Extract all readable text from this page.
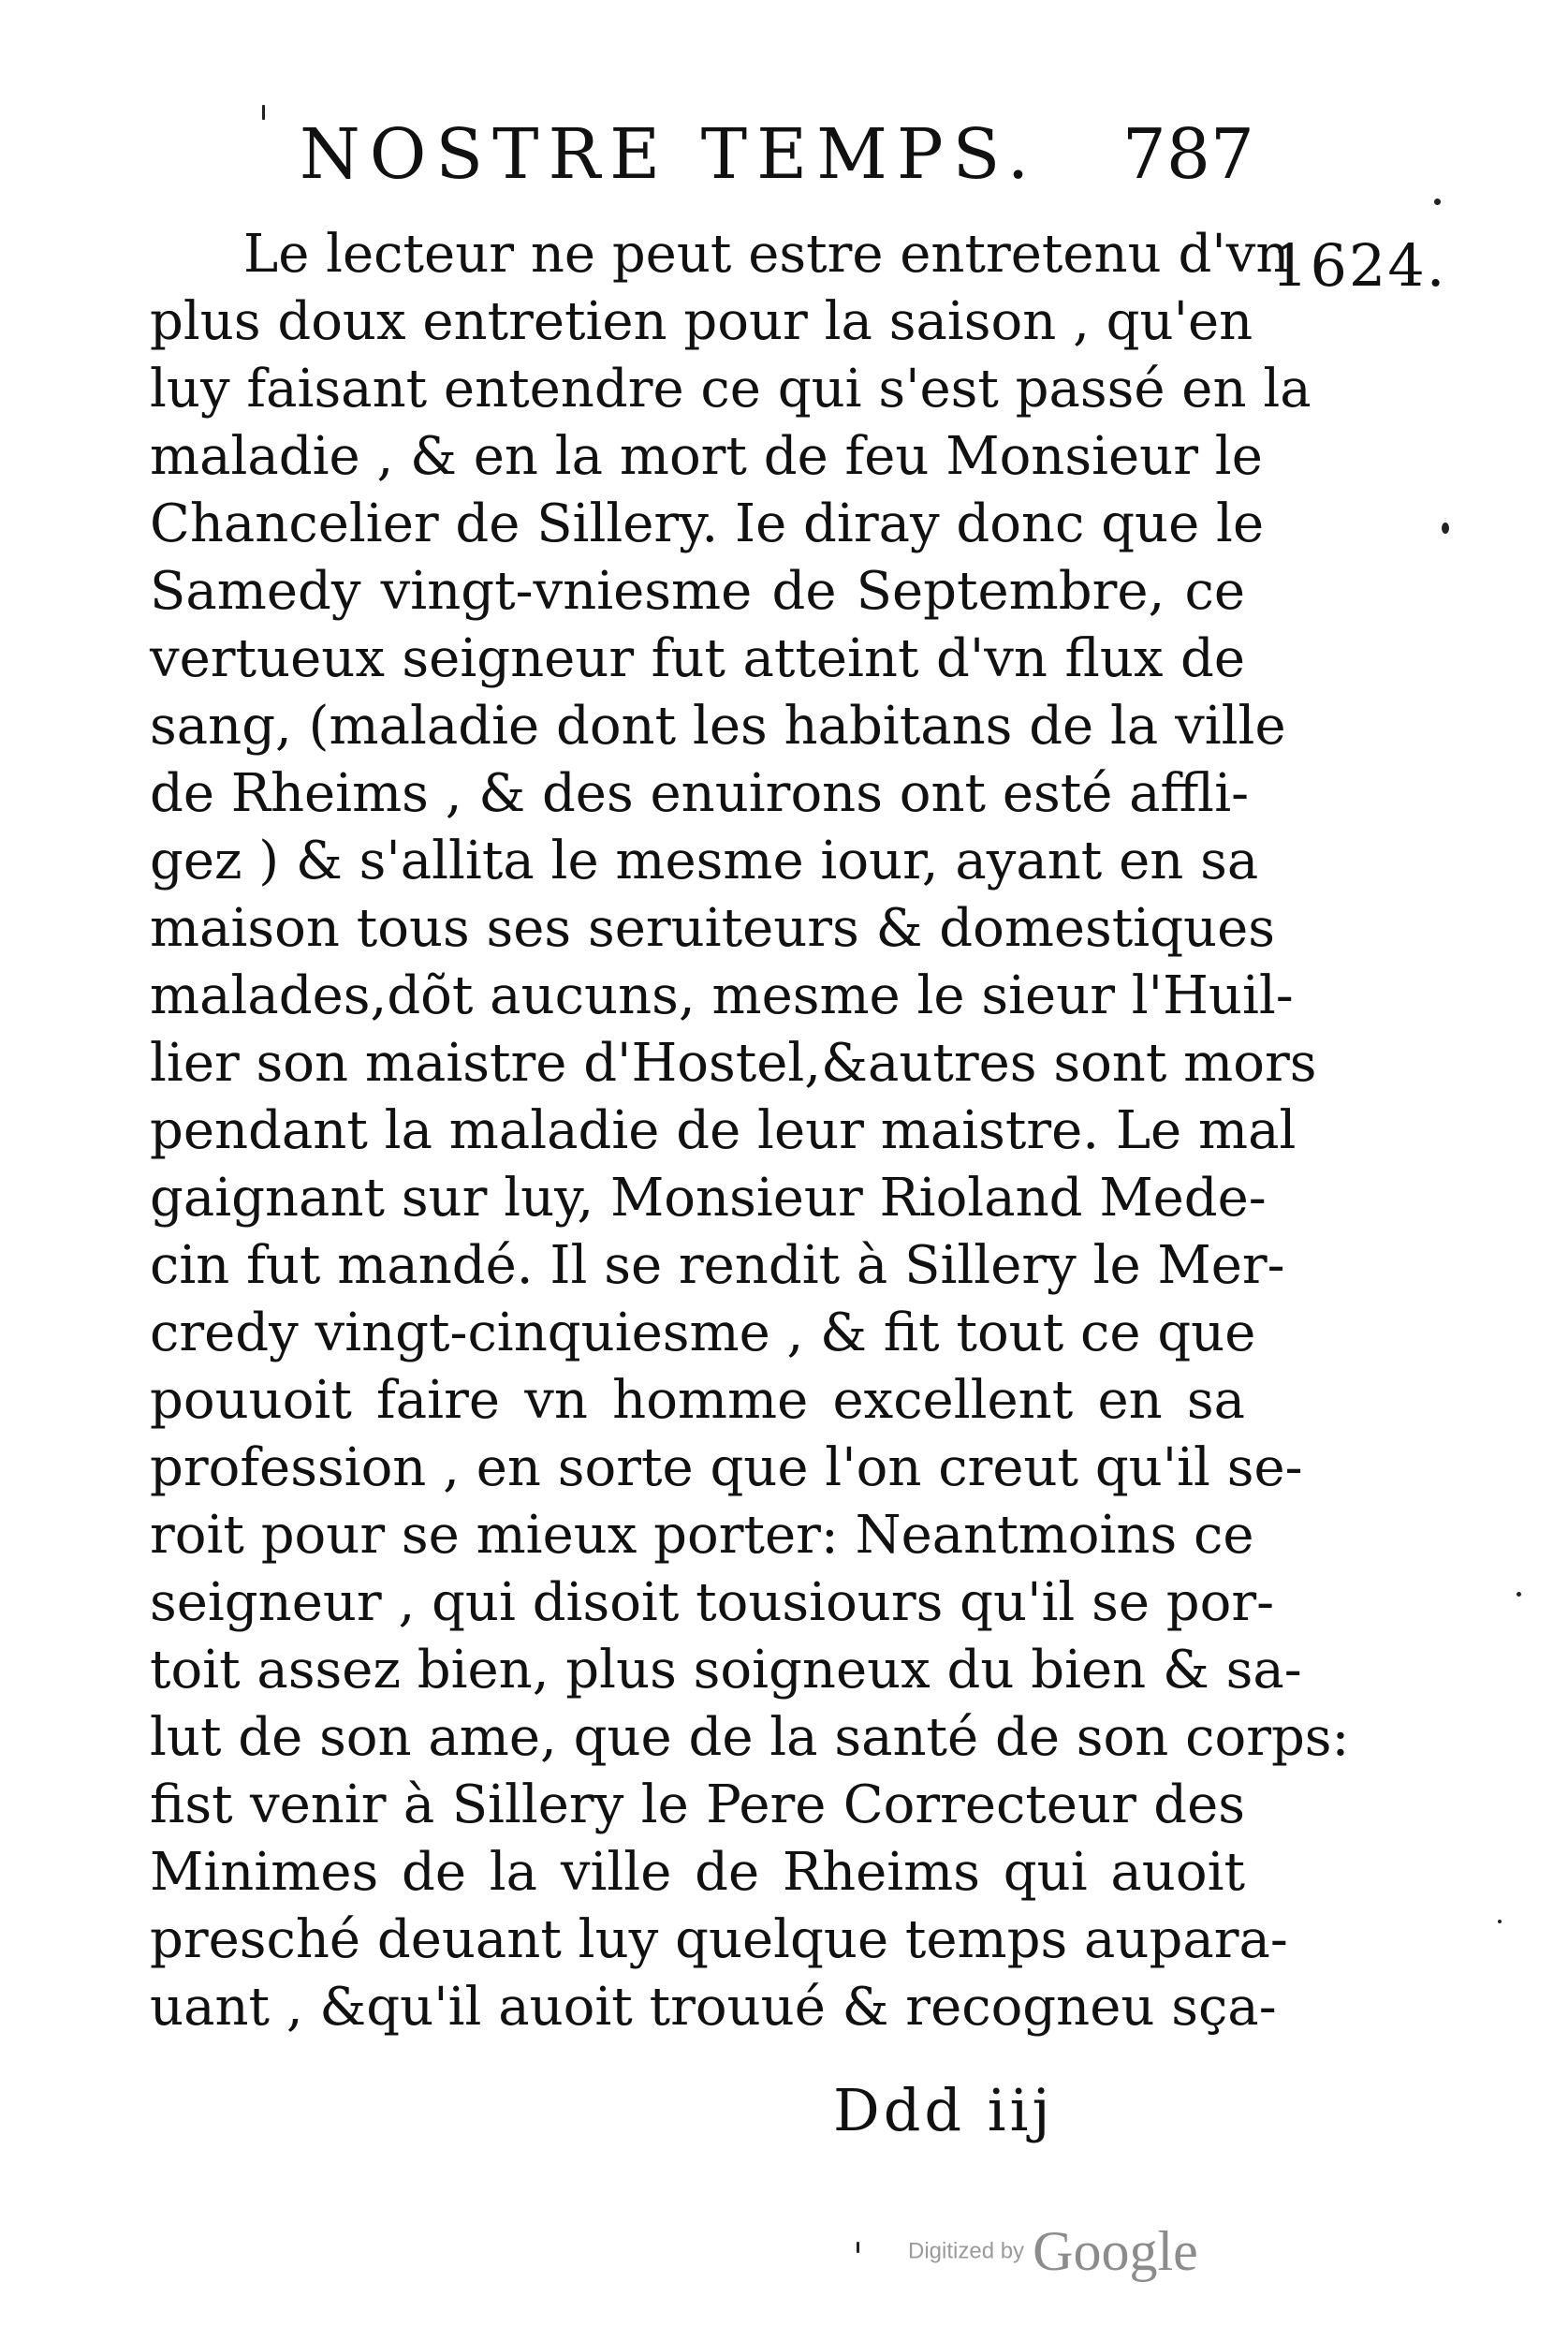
NOSTRE TEMPS. 787
1624.
Le lecteur ne peut estre entretenu d'vn
plus doux entretien pour la saison , qu'en
luy faisant entendre ce qui s'est passé en la
maladie , & en la mort de feu Monsieur le
Chancelier de Sillery. Ie diray donc que le
Samedy vingt-vniesme de Septembre, ce
vertueux seigneur fut atteint d'vn flux de
sang, (maladie dont les habitans de la ville
de Rheims , & des enuirons ont esté affli-
gez ) & s'allita le mesme iour, ayant en sa
maison tous ses seruiteurs & domestiques
malades,dõt aucuns, mesme le sieur l'Huil-
lier son maistre d'Hostel,&autres sont mors
pendant la maladie de leur maistre. Le mal
gaignant sur luy, Monsieur Rioland Mede-
cin fut mandé. Il se rendit à Sillery le Mer-
credy vingt-cinquiesme , & fit tout ce que
pouuoit faire vn homme excellent en sa
profession , en sorte que l'on creut qu'il se-
roit pour se mieux porter: Neantmoins ce
seigneur , qui disoit tousiours qu'il se por-
toit assez bien, plus soigneux du bien & sa-
lut de son ame, que de la santé de son corps:
fist venir à Sillery le Pere Correcteur des
Minimes de la ville de Rheims qui auoit
presché deuant luy quelque temps aupara-
uant , &qu'il auoit trouué & recogneu sça-
Ddd iij
Digitized by Google
